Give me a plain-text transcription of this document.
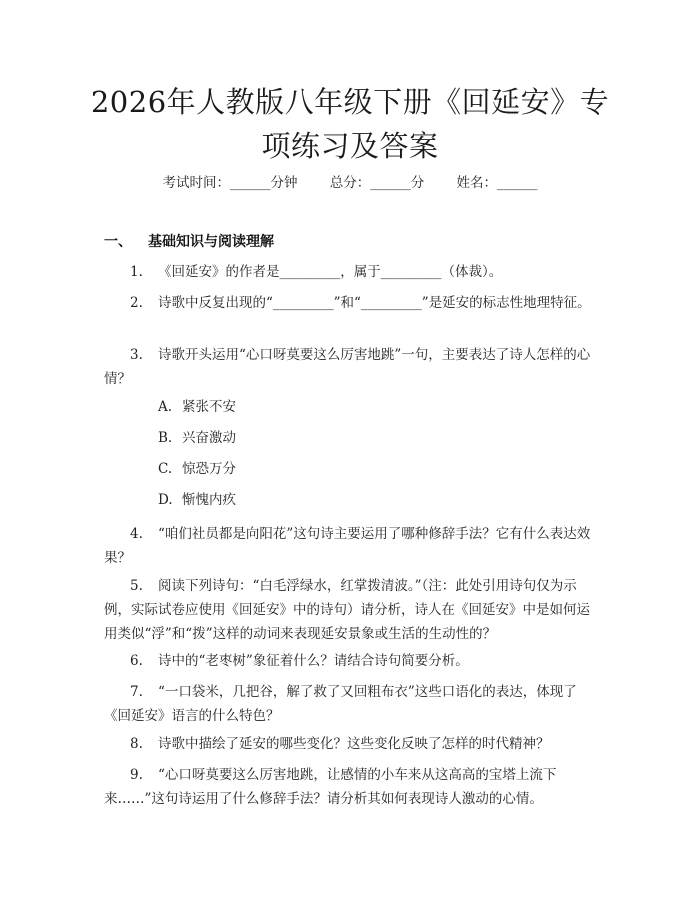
2026年人教版八年级下册《回延安》专项练习及答案
考试时间：______分钟 总分：______分 姓名：______
一、 基础知识与阅读理解
1. 《回延安》的作者是_________，属于_________（体裁）。
2. 诗歌中反复出现的“_________”和“_________”是延安的标志性地理特征。
3. 诗歌开头运用“心口呀莫要这么厉害地跳”一句，主要表达了诗人怎样的心情？
A. 紧张不安
B. 兴奋激动
C. 惊恐万分
D. 惭愧内疚
4. “咱们社员都是向阳花”这句诗主要运用了哪种修辞手法？它有什么表达效果？
5. 阅读下列诗句：“白毛浮绿水，红掌拨清波。”（注：此处引用诗句仅为示例，实际试卷应使用《回延安》中的诗句）请分析，诗人在《回延安》中是如何运用类似“浮”和“拨”这样的动词来表现延安景象或生活的生动性的？
6. 诗中的“老枣树”象征着什么？请结合诗句简要分析。
7. “一口袋米，几把谷，解了救了又回粗布衣”这些口语化的表达，体现了《回延安》语言的什么特色？
8. 诗歌中描绘了延安的哪些变化？这些变化反映了怎样的时代精神？
9. “心口呀莫要这么厉害地跳，让感情的小车来从这高高的宝塔上流下来……”这句诗运用了什么修辞手法？请分析其如何表现诗人激动的心情。
